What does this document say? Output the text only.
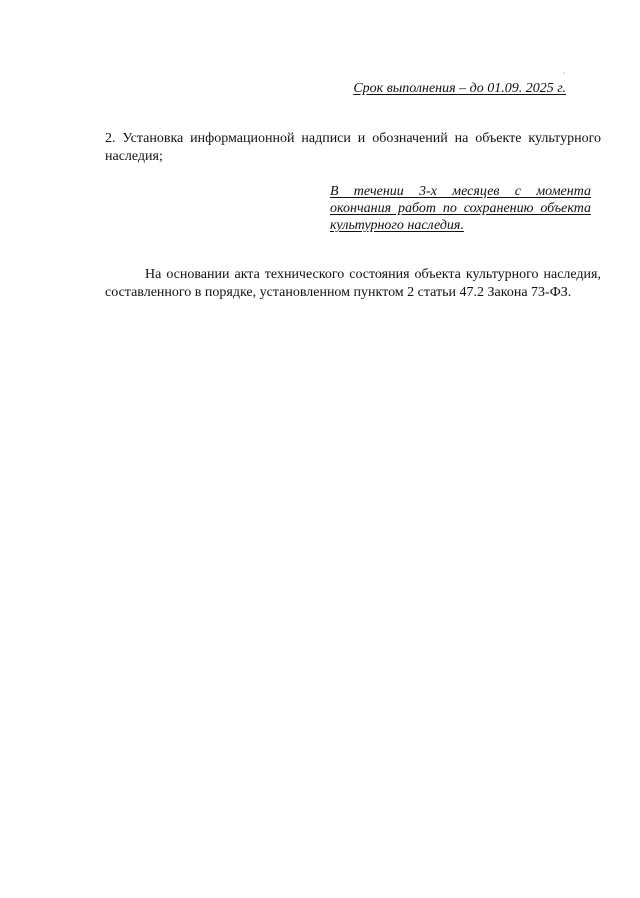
Срок выполнения – до 01.09. 2025 г.
2. Установка информационной надписи и обозначений на объекте культурного наследия;
В течении 3-х месяцев с момента окончания работ по сохранению объекта культурного наследия.
На основании акта технического состояния объекта культурного наследия, составленного в порядке, установленном пунктом 2 статьи 47.2 Закона 73-ФЗ.
